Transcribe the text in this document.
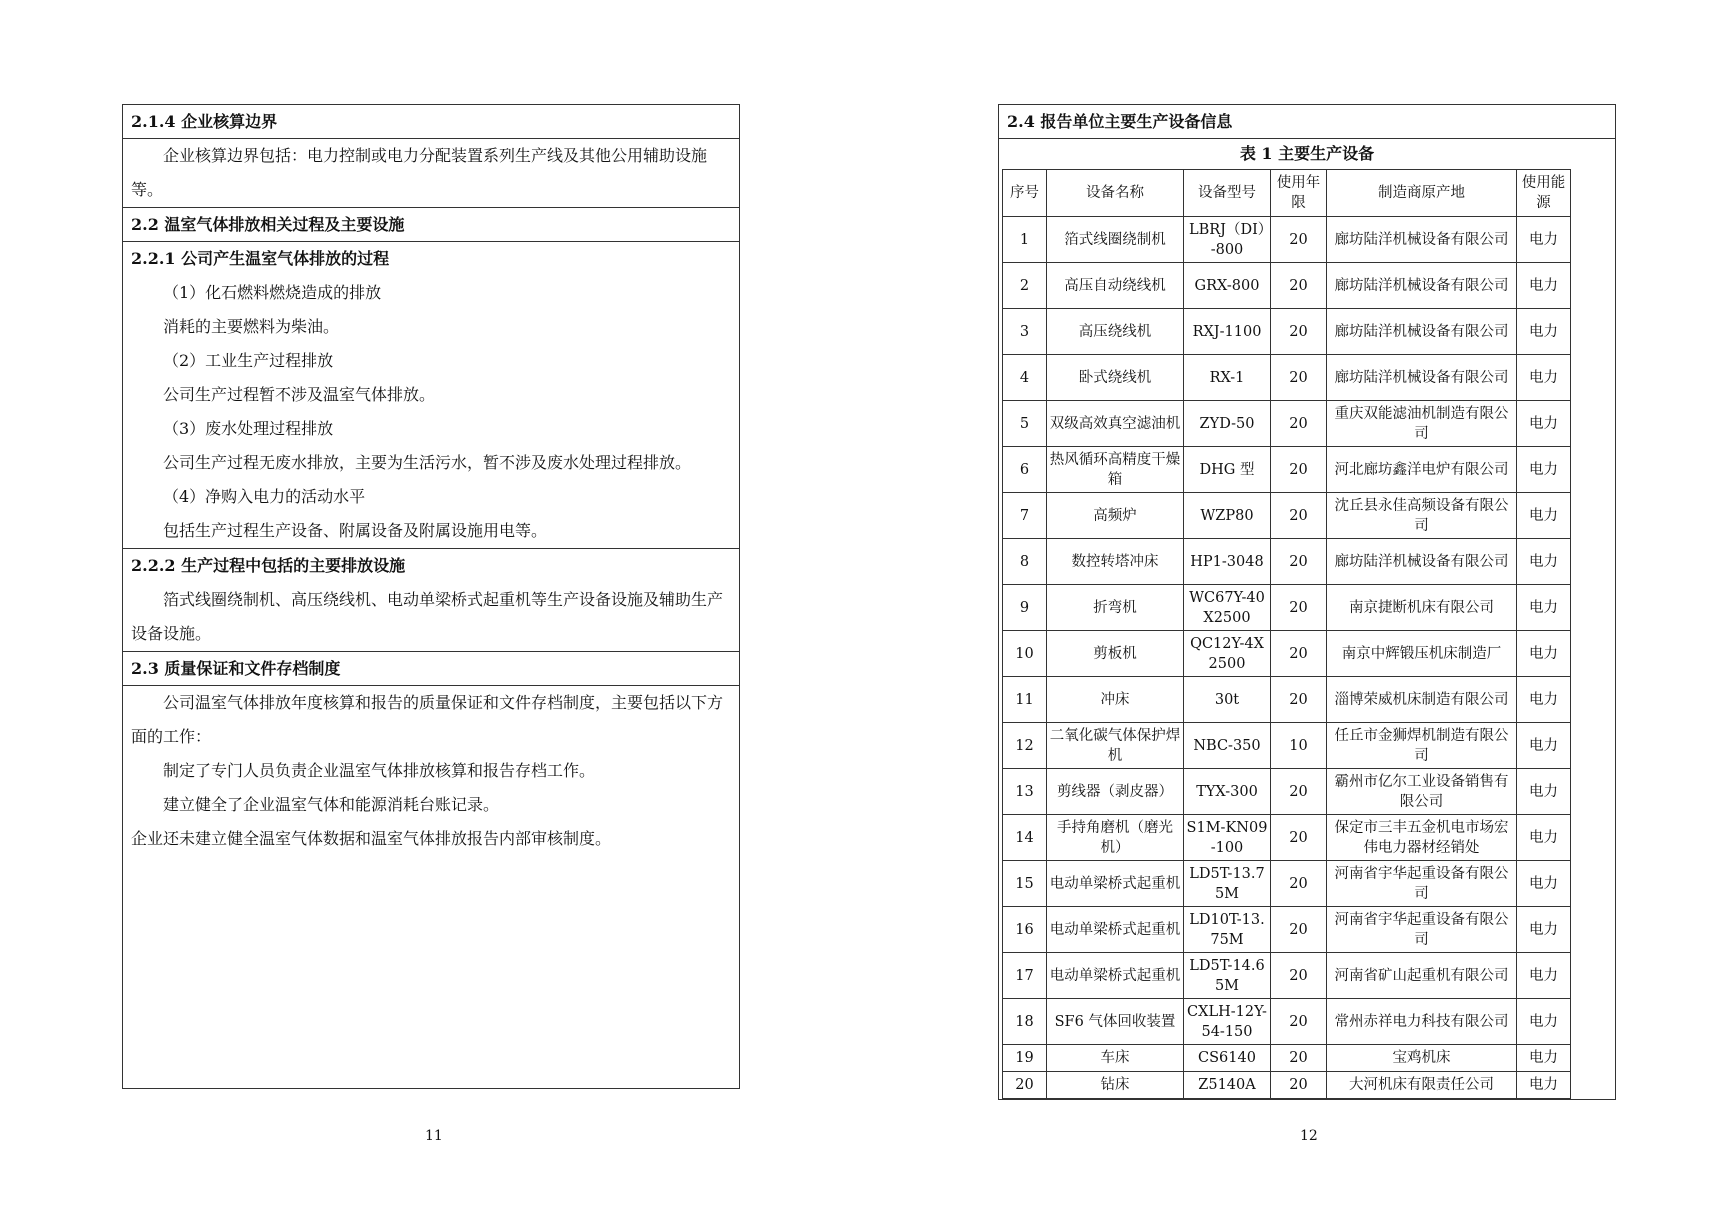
2.1.4 企业核算边界
企业核算边界包括：电力控制或电力分配装置系列生产线及其他公用辅助设施等。
2.2 温室气体排放相关过程及主要设施
2.2.1 公司产生温室气体排放的过程
（1）化石燃料燃烧造成的排放
消耗的主要燃料为柴油。
（2）工业生产过程排放
公司生产过程暂不涉及温室气体排放。
（3）废水处理过程排放
公司生产过程无废水排放，主要为生活污水，暂不涉及废水处理过程排放。
（4）净购入电力的活动水平
包括生产过程生产设备、附属设备及附属设施用电等。
2.2.2 生产过程中包括的主要排放设施
箔式线圈绕制机、高压绕线机、电动单梁桥式起重机等生产设备设施及辅助生产设备设施。
2.3 质量保证和文件存档制度
公司温室气体排放年度核算和报告的质量保证和文件存档制度，主要包括以下方面的工作：
制定了专门人员负责企业温室气体排放核算和报告存档工作。
建立健全了企业温室气体和能源消耗台账记录。
企业还未建立健全温室气体数据和温室气体排放报告内部审核制度。
11
2.4 报告单位主要生产设备信息
表 1 主要生产设备
序号	设备名称	设备型号	使用年限	制造商原产地	使用能源
1	箔式线圈绕制机	LBRJ（DI）-800	20	廊坊陆洋机械设备有限公司	电力
2	高压自动绕线机	GRX-800	20	廊坊陆洋机械设备有限公司	电力
3	高压绕线机	RXJ-1100	20	廊坊陆洋机械设备有限公司	电力
4	卧式绕线机	RX-1	20	廊坊陆洋机械设备有限公司	电力
5	双级高效真空滤油机	ZYD-50	20	重庆双能滤油机制造有限公司	电力
6	热风循环高精度干燥箱	DHG 型	20	河北廊坊鑫洋电炉有限公司	电力
7	高频炉	WZP80	20	沈丘县永佳高频设备有限公司	电力
8	数控转塔冲床	HP1-3048	20	廊坊陆洋机械设备有限公司	电力
9	折弯机	WC67Y-40X2500	20	南京捷断机床有限公司	电力
10	剪板机	QC12Y-4X2500	20	南京中辉锻压机床制造厂	电力
11	冲床	30t	20	淄博荣威机床制造有限公司	电力
12	二氧化碳气体保护焊机	NBC-350	10	任丘市金狮焊机制造有限公司	电力
13	剪线器（剥皮器）	TYX-300	20	霸州市亿尔工业设备销售有限公司	电力
14	手持角磨机（磨光机）	S1M-KN09-100	20	保定市三丰五金机电市场宏伟电力器材经销处	电力
15	电动单梁桥式起重机	LD5T-13.75M	20	河南省宇华起重设备有限公司	电力
16	电动单梁桥式起重机	LD10T-13.75M	20	河南省宇华起重设备有限公司	电力
17	电动单梁桥式起重机	LD5T-14.65M	20	河南省矿山起重机有限公司	电力
18	SF6 气体回收装置	CXLH-12Y-54-150	20	常州赤祥电力科技有限公司	电力
19	车床	CS6140	20	宝鸡机床	电力
20	钻床	Z5140A	20	大河机床有限责任公司	电力
12
